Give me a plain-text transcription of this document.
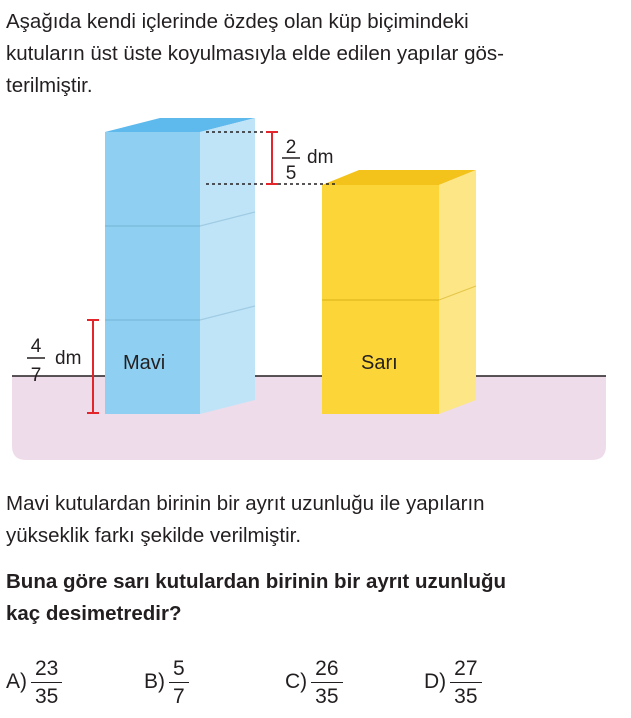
Aşağıda kendi içlerinde özdeş olan küp biçimindeki
kutuların üst üste koyulmasıyla elde edilen yapılar gös-
terilmiştir.
Mavi	Sarı
2
5
dm
4
7
dm
Mavi kutulardan birinin bir ayrıt uzunluğu ile yapıların
yükseklik farkı şekilde verilmiştir.
Buna göre sarı kutulardan birinin bir ayrıt uzunluğu
kaç desimetredir?
$A) \frac{23}{35}$	$B) \frac{5}{7}$	$C) \frac{26}{35}$	$D) \frac{27}{35}$
